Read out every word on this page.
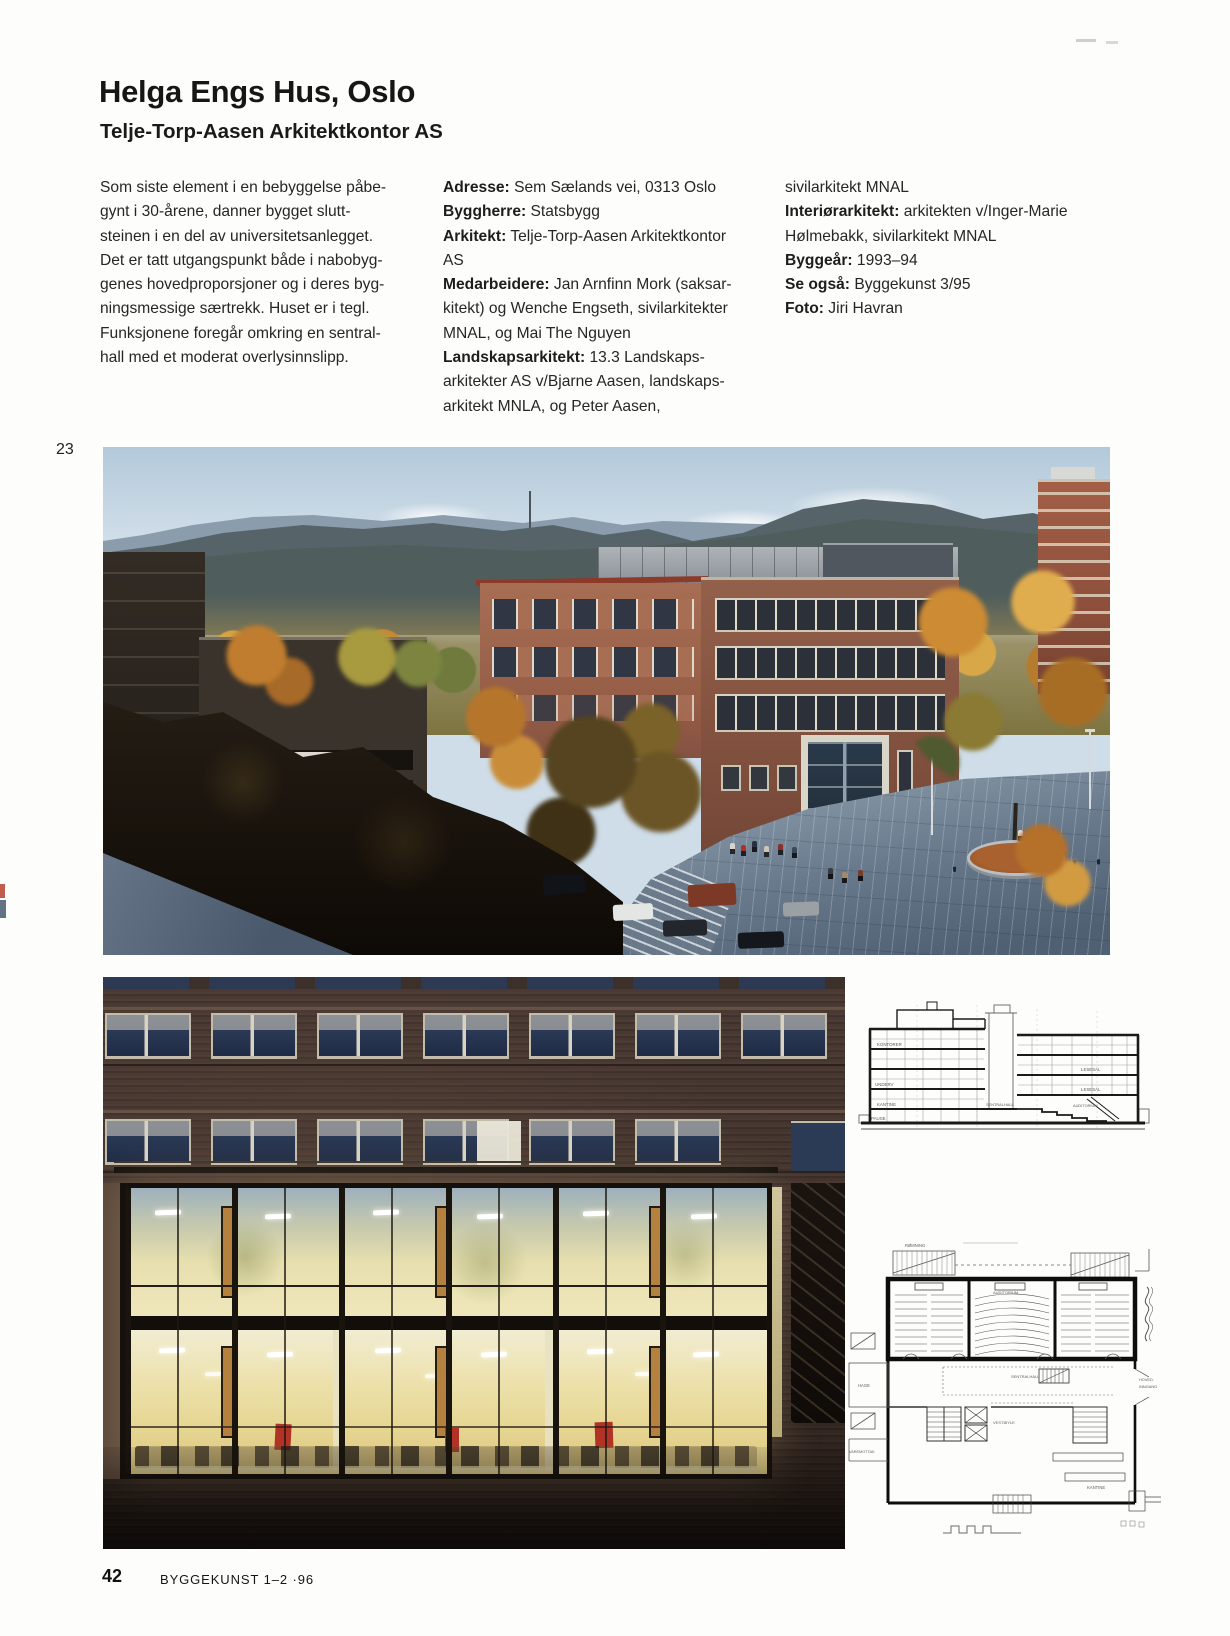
Helga Engs Hus, Oslo
Telje-Torp-Aasen Arkitektkontor AS
Som siste element i en bebyggelse påbe-
gynt i 30-årene, danner bygget slutt-
steinen i en del av universitetsanlegget.
Det er tatt utgangspunkt både i nabobyg-
genes hovedproporsjoner og i deres byg-
ningsmessige særtrekk. Huset er i tegl.
Funksjonene foregår omkring en sentral-
hall med et moderat overlysinnslipp.
Adresse: Sem Sælands vei, 0313 Oslo
Byggherre: Statsbygg
Arkitekt: Telje-Torp-Aasen Arkitektkontor
AS
Medarbeidere: Jan Arnfinn Mork (saksar-
kitekt) og Wenche Engseth, sivilarkitekter
MNAL, og Mai The Nguyen
Landskapsarkitekt: 13.3 Landskaps-
arkitekter AS v/Bjarne Aasen, landskaps-
arkitekt MNLA, og Peter Aasen,
sivilarkitekt MNAL
Interiørarkitekt: arkitekten v/Inger-Marie
Hølmebakk, sivilarkitekt MNAL
Byggeår: 1993–94
Se også: Byggekunst 3/95
Foto: Jiri Havran
23
KONTORER
UNDERV
KANTINE
PAUSE
SENTRALHALL
LESESAL
LESESAL
AUDITORIUM
RØMNING
AUDITORIUM
SENTRALHALL
VESTIBYLE
HAGE
VAREMOTTAK
KANTINE
HOVED-
INNGANG
42	BYGGEKUNST 1–2 ·96
